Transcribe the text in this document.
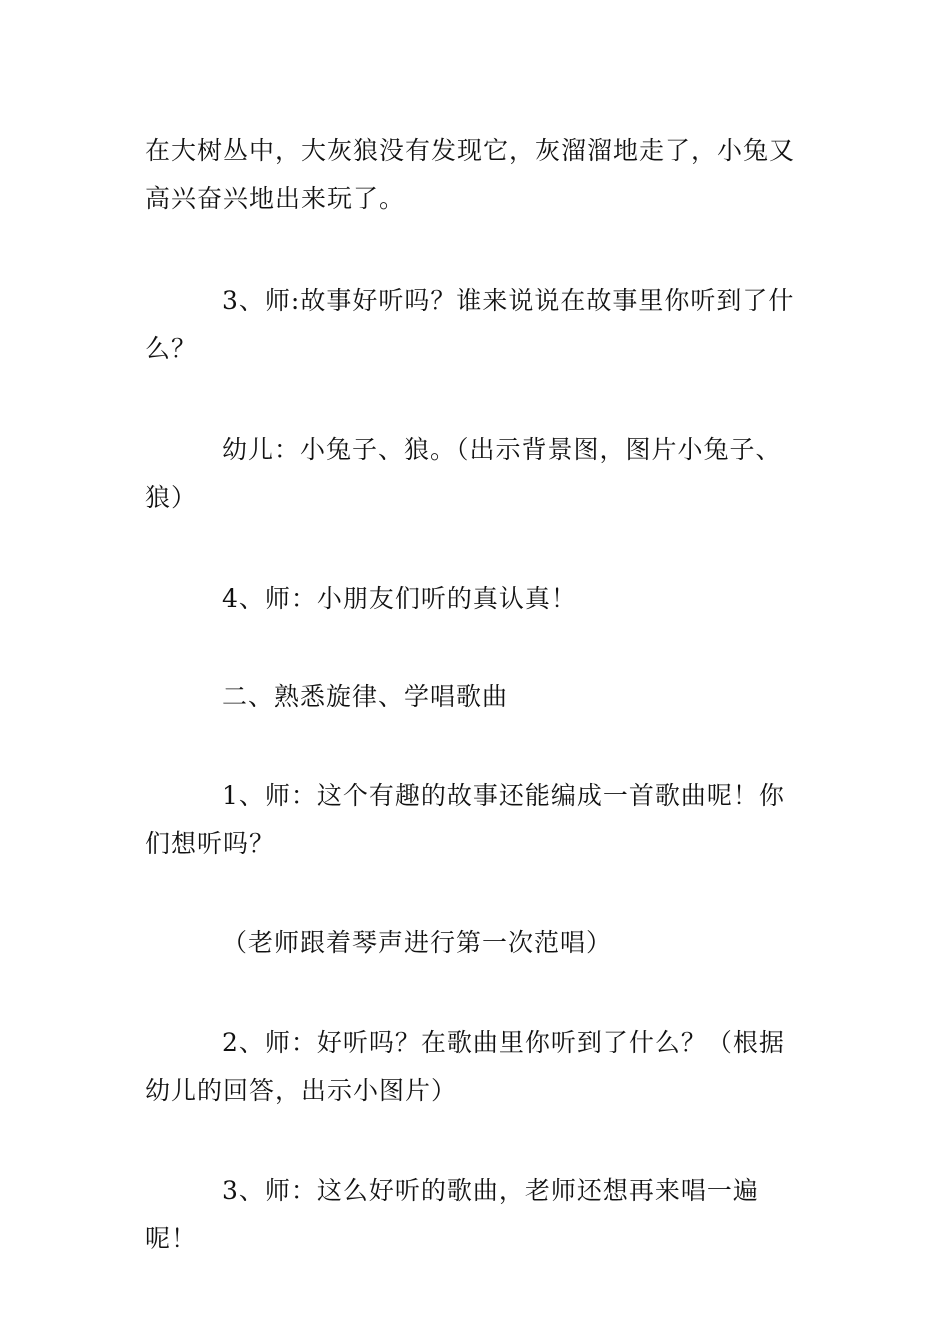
在大树丛中，大灰狼没有发现它，灰溜溜地走了，小兔又高兴奋兴地出来玩了。

3、师:故事好听吗？谁来说说在故事里你听到了什么？

幼儿：小兔子、狼。（出示背景图，图片小兔子、狼）

4、师：小朋友们听的真认真！

二、熟悉旋律、学唱歌曲

1、师：这个有趣的故事还能编成一首歌曲呢！你们想听吗？

（老师跟着琴声进行第一次范唱）

2、师：好听吗？在歌曲里你听到了什么？（根据幼儿的回答，出示小图片）

3、师：这么好听的歌曲，老师还想再来唱一遍呢！
